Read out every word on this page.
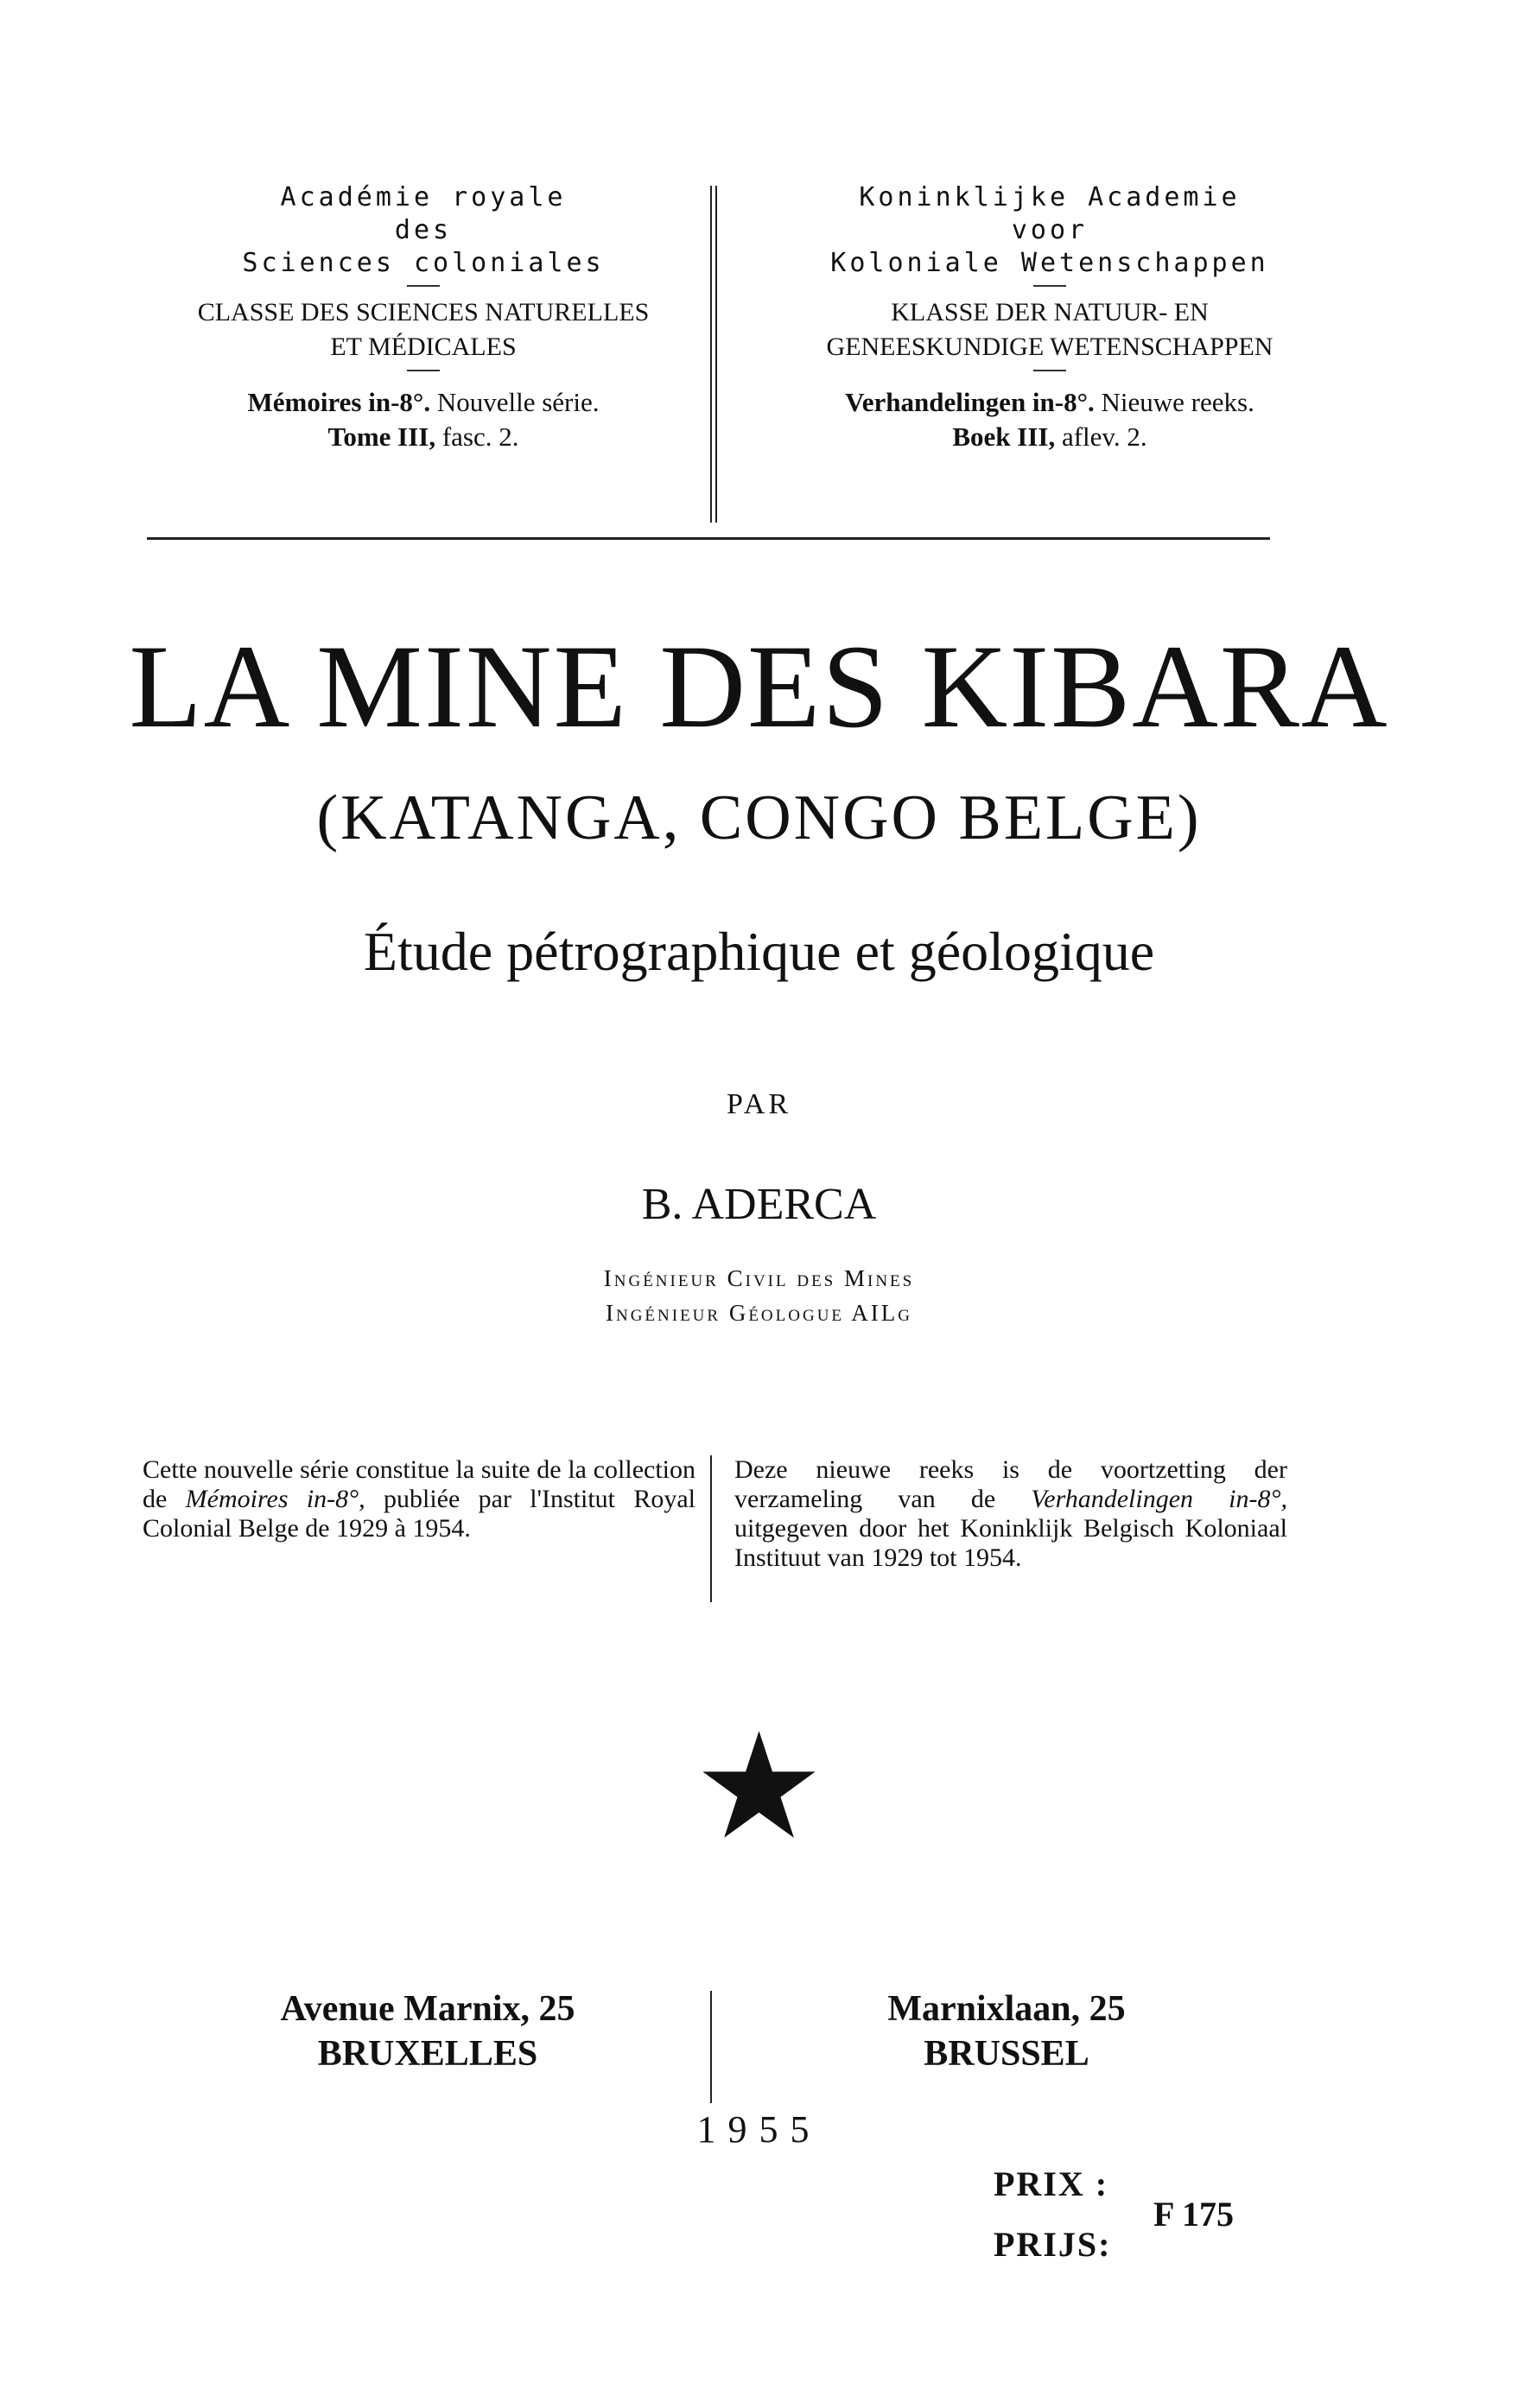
Académie royale
des
Sciences coloniales
CLASSE DES SCIENCES NATURELLES
ET MÉDICALES
Mémoires in-8°. Nouvelle série.
Tome III, fasc. 2.
Koninklijke Academie
voor
Koloniale Wetenschappen
KLASSE DER NATUUR- EN
GENEESKUNDIGE WETENSCHAPPEN
Verhandelingen in-8°. Nieuwe reeks.
Boek III, aflev. 2.
LA MINE DES KIBARA
(KATANGA, CONGO BELGE)
Étude pétrographique et géologique
PAR
B. ADERCA
Ingénieur Civil des Mines
Ingénieur Géologue AILg
Cette nouvelle série constitue la suite de la collection de Mémoires in-8°, publiée par l'Institut Royal Colonial Belge de 1929 à 1954.
Deze nieuwe reeks is de voortzetting der verzameling van de Verhandelingen in-8°, uitgegeven door het Koninklijk Belgisch Koloniaal Instituut van 1929 tot 1954.
★
Avenue Marnix, 25
BRUXELLES
Marnixlaan, 25
BRUSSEL
1955
PRIX :
PRIJS:
F 175
